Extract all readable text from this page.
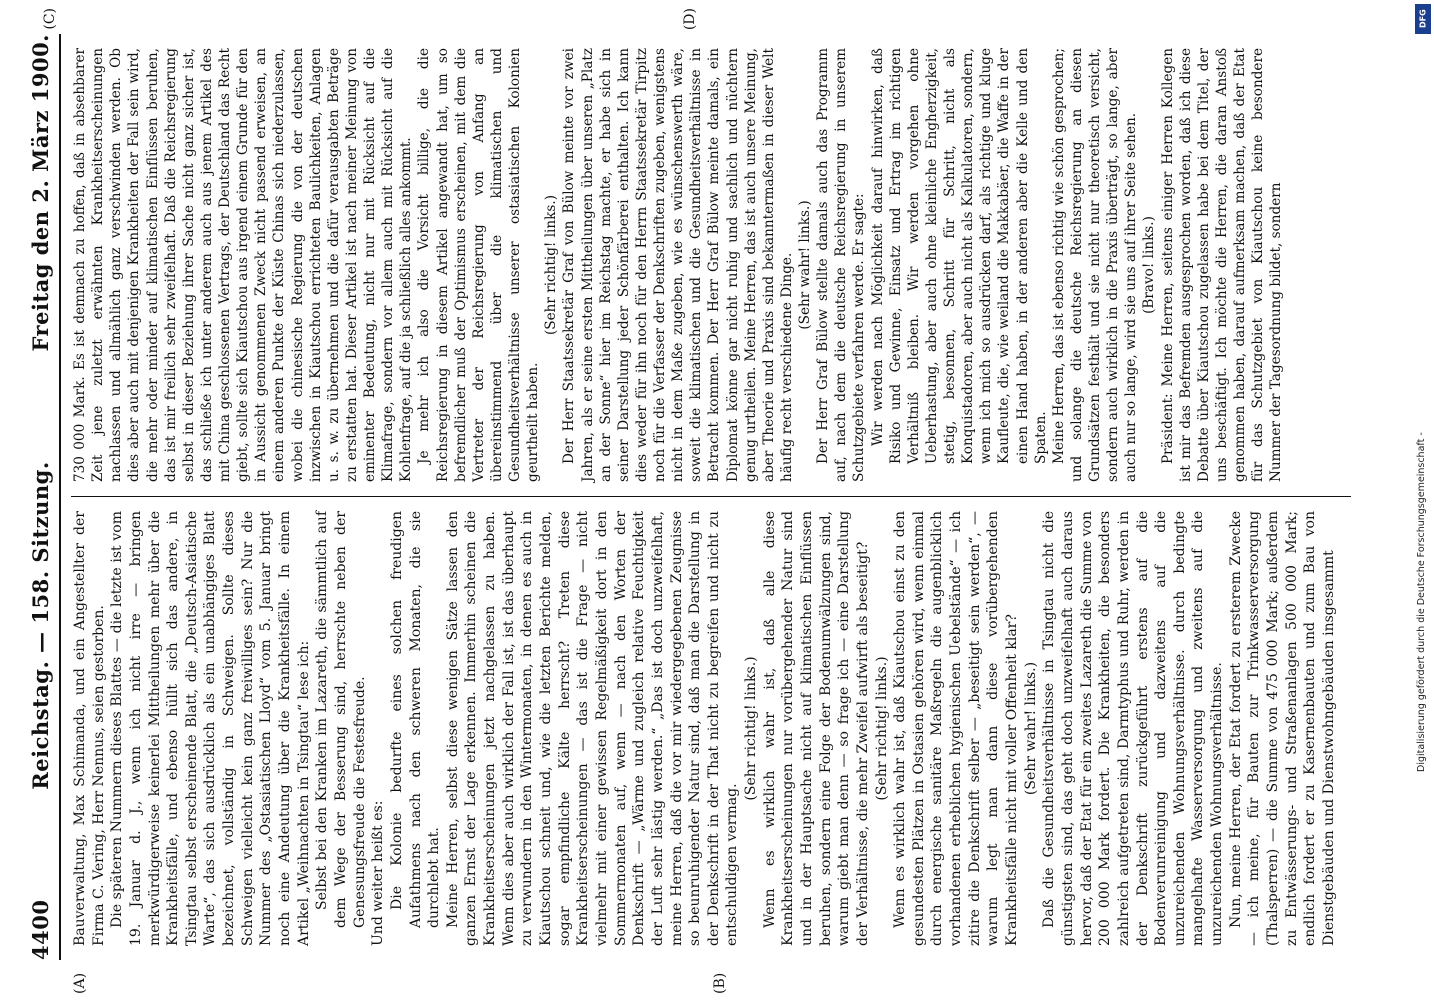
4400
Reichstag. — 158. Sitzung.
Freitag den 2. März 1900.
(A)	(B)

Bauverwaltung, Max Schimanda, und ein Angestellter der Firma C. Vering, Herr Nennus, seien gestorben. Die späteren Nummern dieses Blattes — die letzte ist vom 19. Januar d. J., wenn ich nicht irre — bringen merkwürdigerweise keinerlei Mittheilungen mehr über die Krankheitsfälle, und ebenso hüllt sich das andere, in Tsingtau selbst erscheinende Blatt, die „Deutsch-Asiatische Warte“, das sich ausdrücklich als ein unabhängiges Blatt bezeichnet, vollständig in Schweigen. Sollte dieses Schweigen vielleicht kein ganz freiwilliges sein? Nur die Nummer des „Ostasiatischen Lloyd“ vom 5. Januar bringt noch eine Andeutung über die Krankheitsfälle. In einem Artikel „Weihnachten in Tsingtau“ lese ich: Selbst bei den Kranken im Lazareth, die sämmtlich auf dem Wege der Besserung sind, herrschte neben der Genesungsfreude die Festesfreude. Und weiter heißt es: Die Kolonie bedurfte eines solchen freudigen Aufathmens nach den schweren Monaten, die sie durchlebt hat. Meine Herren, selbst diese wenigen Sätze lassen den ganzen Ernst der Lage erkennen. Immerhin scheinen die Krankheitserscheinungen jetzt nachgelassen zu haben. Wenn dies aber auch wirklich der Fall ist, ist das überhaupt zu verwundern in den Wintermonaten, in denen es auch in Kiautschou schneit und, wie die letzten Berichte melden, sogar empfindliche Kälte herrscht? Treten diese Krankheitserscheinungen — das ist die Frage — nicht vielmehr mit einer gewissen Regelmäßigkeit dort in den Sommermonaten auf, wenn — nach den Worten der Denkschrift — „Wärme und zugleich relative Feuchtigkeit der Luft sehr lästig werden.“ „Das ist doch unzweifelhaft, meine Herren, daß die vor mir wiedergegebenen Zeugnisse so beunruhigender Natur sind, daß man die Darstellung in der Denkschrift in der That nicht zu begreifen und nicht zu entschuldigen vermag.

(Sehr richtig! links.) Wenn es wirklich wahr ist, daß alle diese Krankheitserscheinungen nur vorübergehender Natur sind und in der Hauptsache nicht auf klimatischen Einflüssen beruhen, sondern eine Folge der Bodenumwälzungen sind, warum giebt man denn — so frage ich — eine Darstellung der Verhältnisse, die mehr Zweifel aufwirft als beseitigt? (Sehr richtig! links.) Wenn es wirklich wahr ist, daß Kiautschou einst zu den gesundesten Plätzen in Ostasien gehören wird, wenn einmal durch energische sanitäre Maßregeln die augenblicklich vorhandenen erheblichen hygienischen Uebelstände“ — ich zitire die Denkschrift selber — „beseitigt sein werden“, — warum legt man dann diese vorübergehenden Krankheitsfälle nicht mit voller Offenheit klar? (Sehr wahr! links.) Daß die Gesundheitsverhältnisse in Tsingtau nicht die günstigsten sind, das geht doch unzweifelhaft auch daraus hervor, daß der Etat für ein zweites Lazareth die Summe von 200 000 Mark fordert. Die Krankheiten, die besonders zahlreich aufgetreten sind, Darmtyphus und Ruhr, werden in der Denkschrift zurückgeführt erstens auf die Bodenverunreinigung und dazweitens auf die unzureichenden Wohnungsverhältnisse. durch bedingte mangelhafte Wasserversorgung und zweitens auf die unzureichenden Wohnungsverhältnisse. Nun, meine Herren, der Etat fordert zu ersterem Zwecke — ich meine, für Bauten zur Trinkwasserversorgung (Thalsperren) — die Summe von 475 000 Mark; außerdem zu Entwässerungs- und Straßenanlagen 500 000 Mark; endlich fordert er zu Kasernenbauten und zum Bau von Dienstgebäuden und Dienstwohngebäuden insgesammt

(C)	(D)

730 000 Mark. Es ist demnach zu hoffen, daß in absehbarer Zeit jene zuletzt erwähnten Krankheitserscheinungen nachlassen und allmählich ganz verschwinden werden. Ob dies aber auch mit denjenigen Krankheiten der Fall sein wird, die mehr oder minder auf klimatischen Einflüssen beruhen, das ist mir freilich sehr zweifelhaft. Daß die Reichsregierung selbst in dieser Beziehung ihrer Sache nicht ganz sicher ist, das schließe ich unter anderem auch aus jenem Artikel des mit China geschlossenen Vertrags, der Deutschland das Recht giebt, sollte sich Kiautschou aus irgend einem Grunde für den in Aussicht genommenen Zweck nicht passend erweisen, an einem anderen Punkte der Küste Chinas sich niederzulassen, wobei die chinesische Regierung die von der deutschen inzwischen in Kiautschou errichteten Baulichkeiten, Anlagen u. s. w. zu übernehmen und die dafür verausgabten Beträge zu erstatten hat. Dieser Artikel ist nach meiner Meinung von eminenter Bedeutung, nicht nur mit Rücksicht auf die Klimafrage, sondern vor allem auch mit Rücksicht auf die Kohlenfrage, auf die ja schließlich alles ankommt. Je mehr ich also die Vorsicht billige, die die Reichsregierung in diesem Artikel angewandt hat, um so befremdlicher muß der Optimismus erscheinen, mit dem die Vertreter der Reichsregierung von Anfang an übereinstimmend über die klimatischen und Gesundheitsverhältnisse unserer ostasiatischen Kolonien geurtheilt haben.

(Sehr richtig! links.) Der Herr Staatssekretär Graf von Bülow meinte vor zwei Jahren, als er seine ersten Mittheilungen über unseren „Platz an der Sonne“ hier im Reichstag machte, er habe sich in seiner Darstellung jeder Schönfärberei enthalten. Ich kann dies weder für ihn noch für den Herrn Staatssekretär Tirpitz noch für die Verfasser der Denkschriften zugeben, wenigstens nicht in dem Maße zugeben, wie es wünschenswerth wäre, soweit die klimatischen und die Gesundheitsverhältnisse in Betracht kommen. Der Herr Graf Bülow meinte damals, ein Diplomat könne gar nicht ruhig und sachlich und nüchtern genug urtheilen. Meine Herren, das ist auch unsere Meinung, aber Theorie und Praxis sind bekanntermaßen in dieser Welt häufig recht verschiedene Dinge. (Sehr wahr! links.) Der Herr Graf Bülow stellte damals auch das Programm auf, nach dem die deutsche Reichsregierung in unserem Schutzgebiete verfahren werde. Er sagte: Wir werden nach Möglichkeit darauf hinwirken, daß Risiko und Gewinne, Einsatz und Ertrag im richtigen Verhältniß bleiben. Wir werden vorgehen ohne Ueberhastung, aber auch ohne kleinliche Engherzigkeit, stetig, besonnen, Schritt für Schritt, nicht als Konquistadoren, aber auch nicht als Kalkulatoren, sondern, wenn ich mich so ausdrücken darf, als richtige und kluge Kaufleute, die, wie weiland die Makkabäer, die Waffe in der einen Hand haben, in der anderen aber die Kelle und den Spaten. Meine Herren, das ist ebenso richtig wie schön gesprochen; und solange die deutsche Reichsregierung an diesen Grundsätzen festhält und sie nicht nur theoretisch versicht, sondern auch wirklich in die Praxis überträgt, so lange, aber auch nur so lange, wird sie uns auf ihrer Seite sehen. (Bravo! links.) Präsident: Meine Herren, seitens einiger Herren Kollegen ist mir das Befremden ausgesprochen worden, daß ich diese Debatte über Kiautschou zugelassen habe bei dem Titel, der uns beschäftigt. Ich möchte die Herren, die daran Anstoß genommen haben, darauf aufmerksam machen, daß der Etat für das Schutzgebiet von Kiautschou keine besondere Nummer der Tagesordnung bildet, sondern

DFG
Digitalisierung gefördert durch die Deutsche Forschungsgemeinschaft -
